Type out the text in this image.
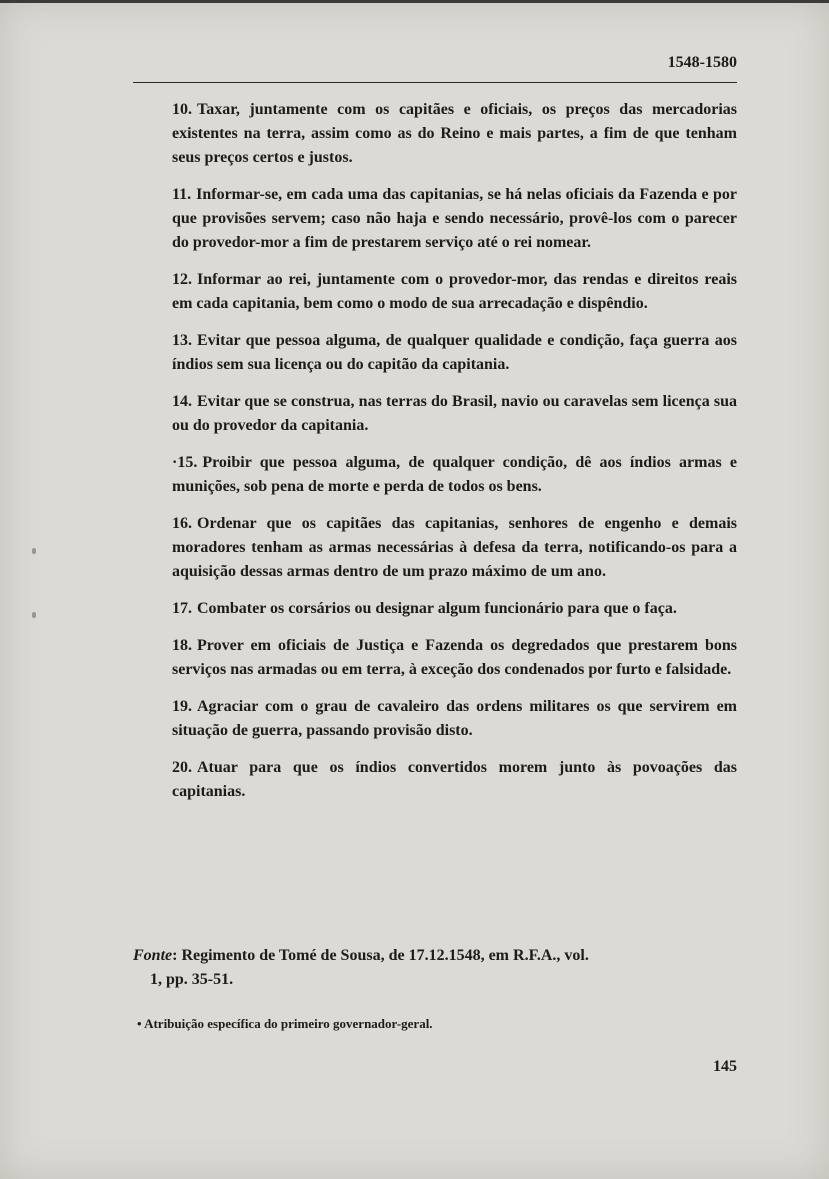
1548-1580

10. Taxar, juntamente com os capitães e oficiais, os preços das mercadorias existentes na terra, assim como as do Reino e mais partes, a fim de que tenham seus preços certos e justos.

11. Informar-se, em cada uma das capitanias, se há nelas oficiais da Fazenda e por que provisões servem; caso não haja e sendo necessário, provê-los com o parecer do provedor-mor a fim de prestarem serviço até o rei nomear.

12. Informar ao rei, juntamente com o provedor-mor, das rendas e direitos reais em cada capitania, bem como o modo de sua arrecadação e dispêndio.

13. Evitar que pessoa alguma, de qualquer qualidade e condição, faça guerra aos índios sem sua licença ou do capitão da capitania.

14. Evitar que se construa, nas terras do Brasil, navio ou caravelas sem licença sua ou do provedor da capitania.

·15. Proibir que pessoa alguma, de qualquer condição, dê aos índios armas e munições, sob pena de morte e perda de todos os bens.

16. Ordenar que os capitães das capitanias, senhores de engenho e demais moradores tenham as armas necessárias à defesa da terra, notificando-os para a aquisição dessas armas dentro de um prazo máximo de um ano.

17. Combater os corsários ou designar algum funcionário para que o faça.

18. Prover em oficiais de Justiça e Fazenda os degredados que prestarem bons serviços nas armadas ou em terra, à exceção dos condenados por furto e falsidade.

19. Agraciar com o grau de cavaleiro das ordens militares os que servirem em situação de guerra, passando provisão disto.

20. Atuar para que os índios convertidos morem junto às povoações das capitanias.

Fonte: Regimento de Tomé de Sousa, de 17.12.1548, em R.F.A., vol.
1, pp. 35-51.
• Atribuição específica do primeiro governador-geral.
145
